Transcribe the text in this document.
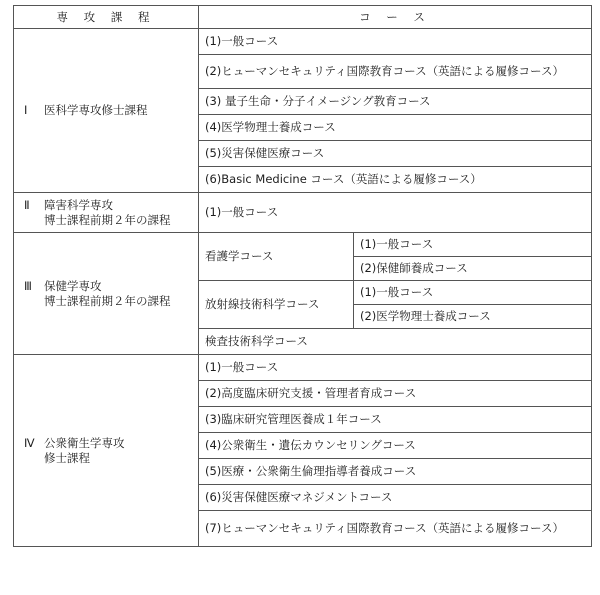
専 攻 課 程	コ ー ス	
Ⅰ 医科学専攻修士課程	(1)一般コース	
	(2)ヒューマンセキュリティ国際教育コース（英語による履修コース）	
	(3) 量子生命・分子イメージング教育コース	
	(4)医学物理士養成コース	
	(5)災害保健医療コース	
	(6)Basic Medicine コース（英語による履修コース）	
Ⅱ 障害科学専攻
博士課程前期２年の課程	(1)一般コース	
Ⅲ 保健学専攻
博士課程前期２年の課程	看護学コース	(1)一般コース
		(2)保健師養成コース
	放射線技術科学コース	(1)一般コース
		(2)医学物理士養成コース
	検査技術科学コース	
Ⅳ 公衆衛生学専攻
修士課程	(1)一般コース	
	(2)高度臨床研究支援・管理者育成コース	
	(3)臨床研究管理医養成１年コース	
	(4)公衆衛生・遺伝カウンセリングコース	
	(5)医療・公衆衛生倫理指導者養成コース	
	(6)災害保健医療マネジメントコース	
	(7)ヒューマンセキュリティ国際教育コース（英語による履修コース）	
